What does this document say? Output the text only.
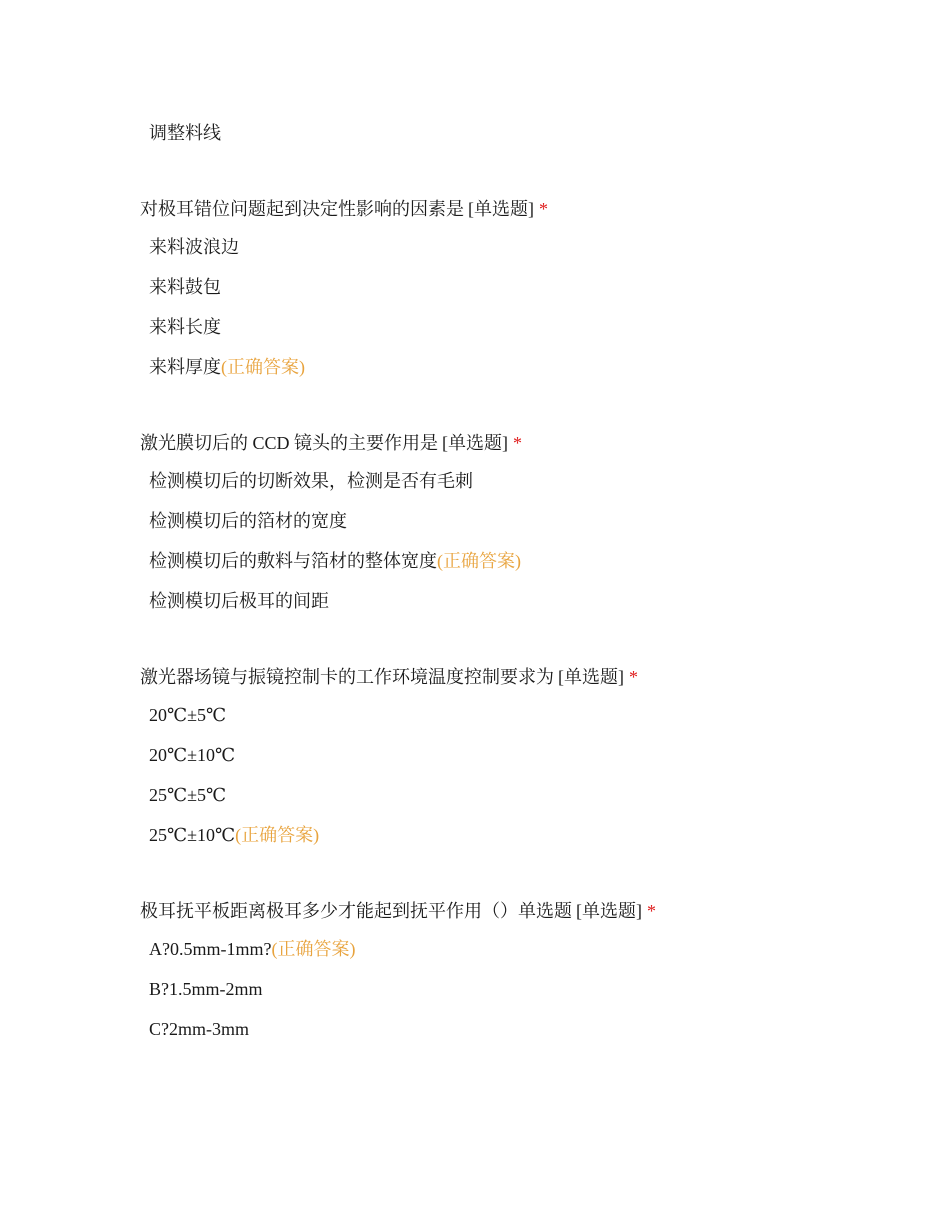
调整料线
对极耳错位问题起到决定性影响的因素是 [单选题] *
来料波浪边
来料鼓包
来料长度
来料厚度(正确答案)
激光膜切后的 CCD 镜头的主要作用是 [单选题] *
检测模切后的切断效果，检测是否有毛刺
检测模切后的箔材的宽度
检测模切后的敷料与箔材的整体宽度(正确答案)
检测模切后极耳的间距
激光器场镜与振镜控制卡的工作环境温度控制要求为 [单选题] *
20℃±5℃
20℃±10℃
25℃±5℃
25℃±10℃(正确答案)
极耳抚平板距离极耳多少才能起到抚平作用（）单选题 [单选题] *
A?0.5mm-1mm?(正确答案)
B?1.5mm-2mm
C?2mm-3mm
